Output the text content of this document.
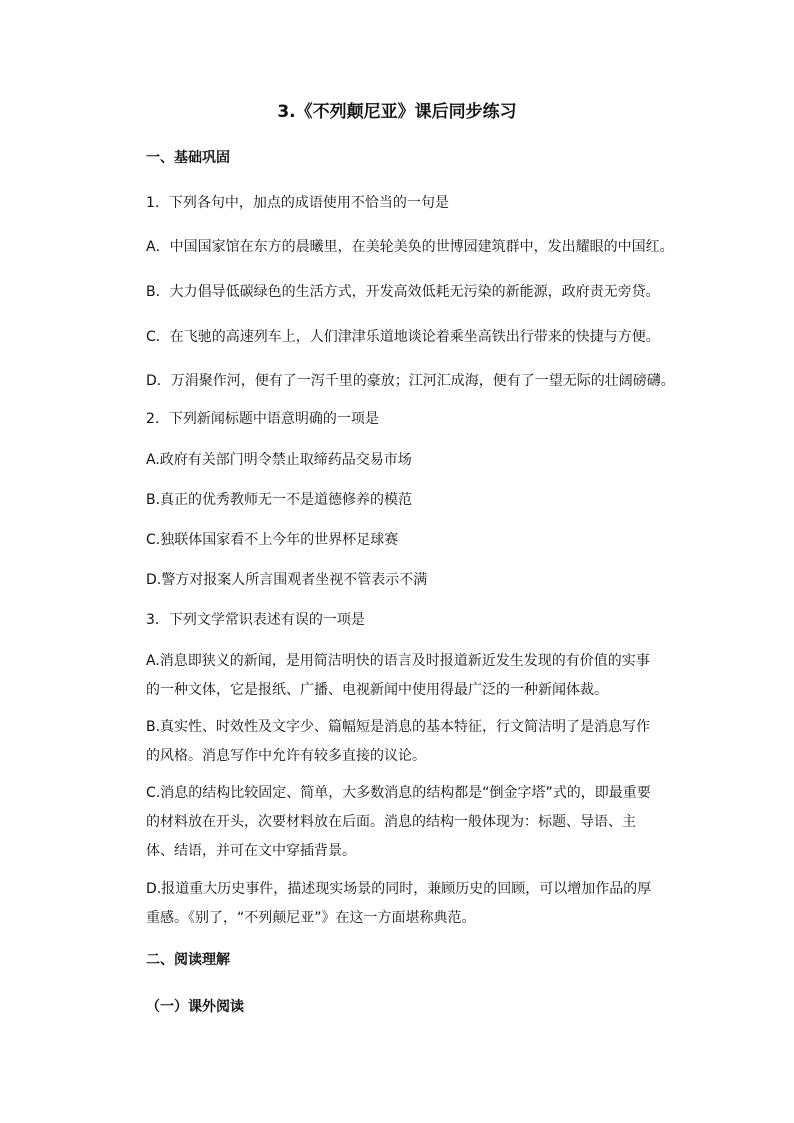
3.《不列颠尼亚》课后同步练习
一、基础巩固
1．下列各句中，加点的成语使用不恰当的一句是
A．中国国家馆在东方的晨曦里，在美轮美奂的世博园建筑群中，发出耀眼的中国红。
B．大力倡导低碳绿色的生活方式，开发高效低耗无污染的新能源，政府责无旁贷。
C．在飞驰的高速列车上，人们津津乐道地谈论着乘坐高铁出行带来的快捷与方便。
D．万涓聚作河，便有了一泻千里的豪放；江河汇成海，便有了一望无际的壮阔磅礴。
2．下列新闻标题中语意明确的一项是
A.政府有关部门明令禁止取缔药品交易市场
B.真正的优秀教师无一不是道德修养的模范
C.独联体国家看不上今年的世界杯足球赛
D.警方对报案人所言围观者坐视不管表示不满
3．下列文学常识表述有误的一项是
A.消息即狭义的新闻，是用简洁明快的语言及时报道新近发生发现的有价值的实事的一种文体，它是报纸、广播、电视新闻中使用得最广泛的一种新闻体裁。
B.真实性、时效性及文字少、篇幅短是消息的基本特征，行文简洁明了是消息写作的风格。消息写作中允许有较多直接的议论。
C.消息的结构比较固定、简单，大多数消息的结构都是“倒金字塔”式的，即最重要的材料放在开头，次要材料放在后面。消息的结构一般体现为：标题、导语、主体、结语，并可在文中穿插背景。
D.报道重大历史事件，描述现实场景的同时，兼顾历史的回顾，可以增加作品的厚重感。《别了，“不列颠尼亚”》在这一方面堪称典范。
二、阅读理解
（一）课外阅读
